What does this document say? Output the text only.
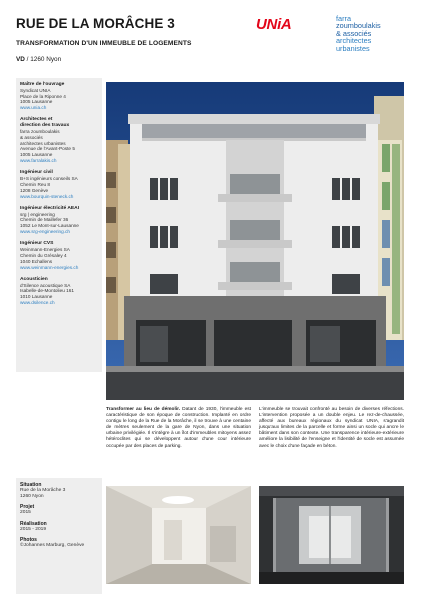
RUE DE LA MORÂCHE 3
TRANSFORMATION D'UN IMMEUBLE DE LOGEMENTS
VD / 1260 Nyon
UNiA	farra
zoumboulakis
& associés
architectes
urbanistes
Maître de l'ouvrage
Syndicat UNIA
Place de la Riponne 4
1005 Lausanne
www.unia.ch
Architectes et
direction des travaux
farra zoumboulakis
& associés
architectes urbanistes
Avenue de l'Avant-Poste 5
1005 Lausanne
www.farralakis.ch
Ingénieur civil
B+S ingénieurs conseils SA
Chemin Reu 8
1208 Genève
www.bourquin-steneck.ch
Ingénieur électricité AEAI
srg | engineering
Chemin de Maillefer 36
1052 Le Mont-sur-Lausanne
www.srg-engineering.ch
Ingénieur CVS
Weinmann-Energies SA
Chemin du Grésaley 4
1040 Echallens
www.weinmann-energies.ch
Acousticien
d'Silence acoustique SA
Isabelle-de-Montolieu 161
1010 Lausanne
www.dsilence.ch
Situation
Rue de la Morâche 3
1260 Nyon
Projet
2015
Réalisation
2015 - 2019
Photos
©Johannes Marburg, Genève
Transformer au lieu de démolir. Datant de 1930, l'immeuble est caractéristique de son époque de construction. Implanté en ordre contigu le long de la Rue de la Morâche, il se trouve à une centaine de mètres seulement de la gare de Nyon, dans une situation urbaine privilégiée. Il s'intègre à un îlot d'immeubles mitoyens assez hétéroclites qui se développent autour d'une cour intérieure occupée par des places de parking.
L'immeuble se trouvait confronté au besoin de diverses réfections. L'intervention proposée a un double enjeu. Le rez-de-chaussée, affecté aux bureaux régionaux du syndicat UNIA, s'agrandit jusqu'aux limites de la parcelle et forme ainsi un socle qui ancre le bâtiment dans son contexte. Une transparence intérieure-extérieure améliore la lisibilité de l'enseigne et l'identité de socle est assumée avec le choix d'une façade en béton.
